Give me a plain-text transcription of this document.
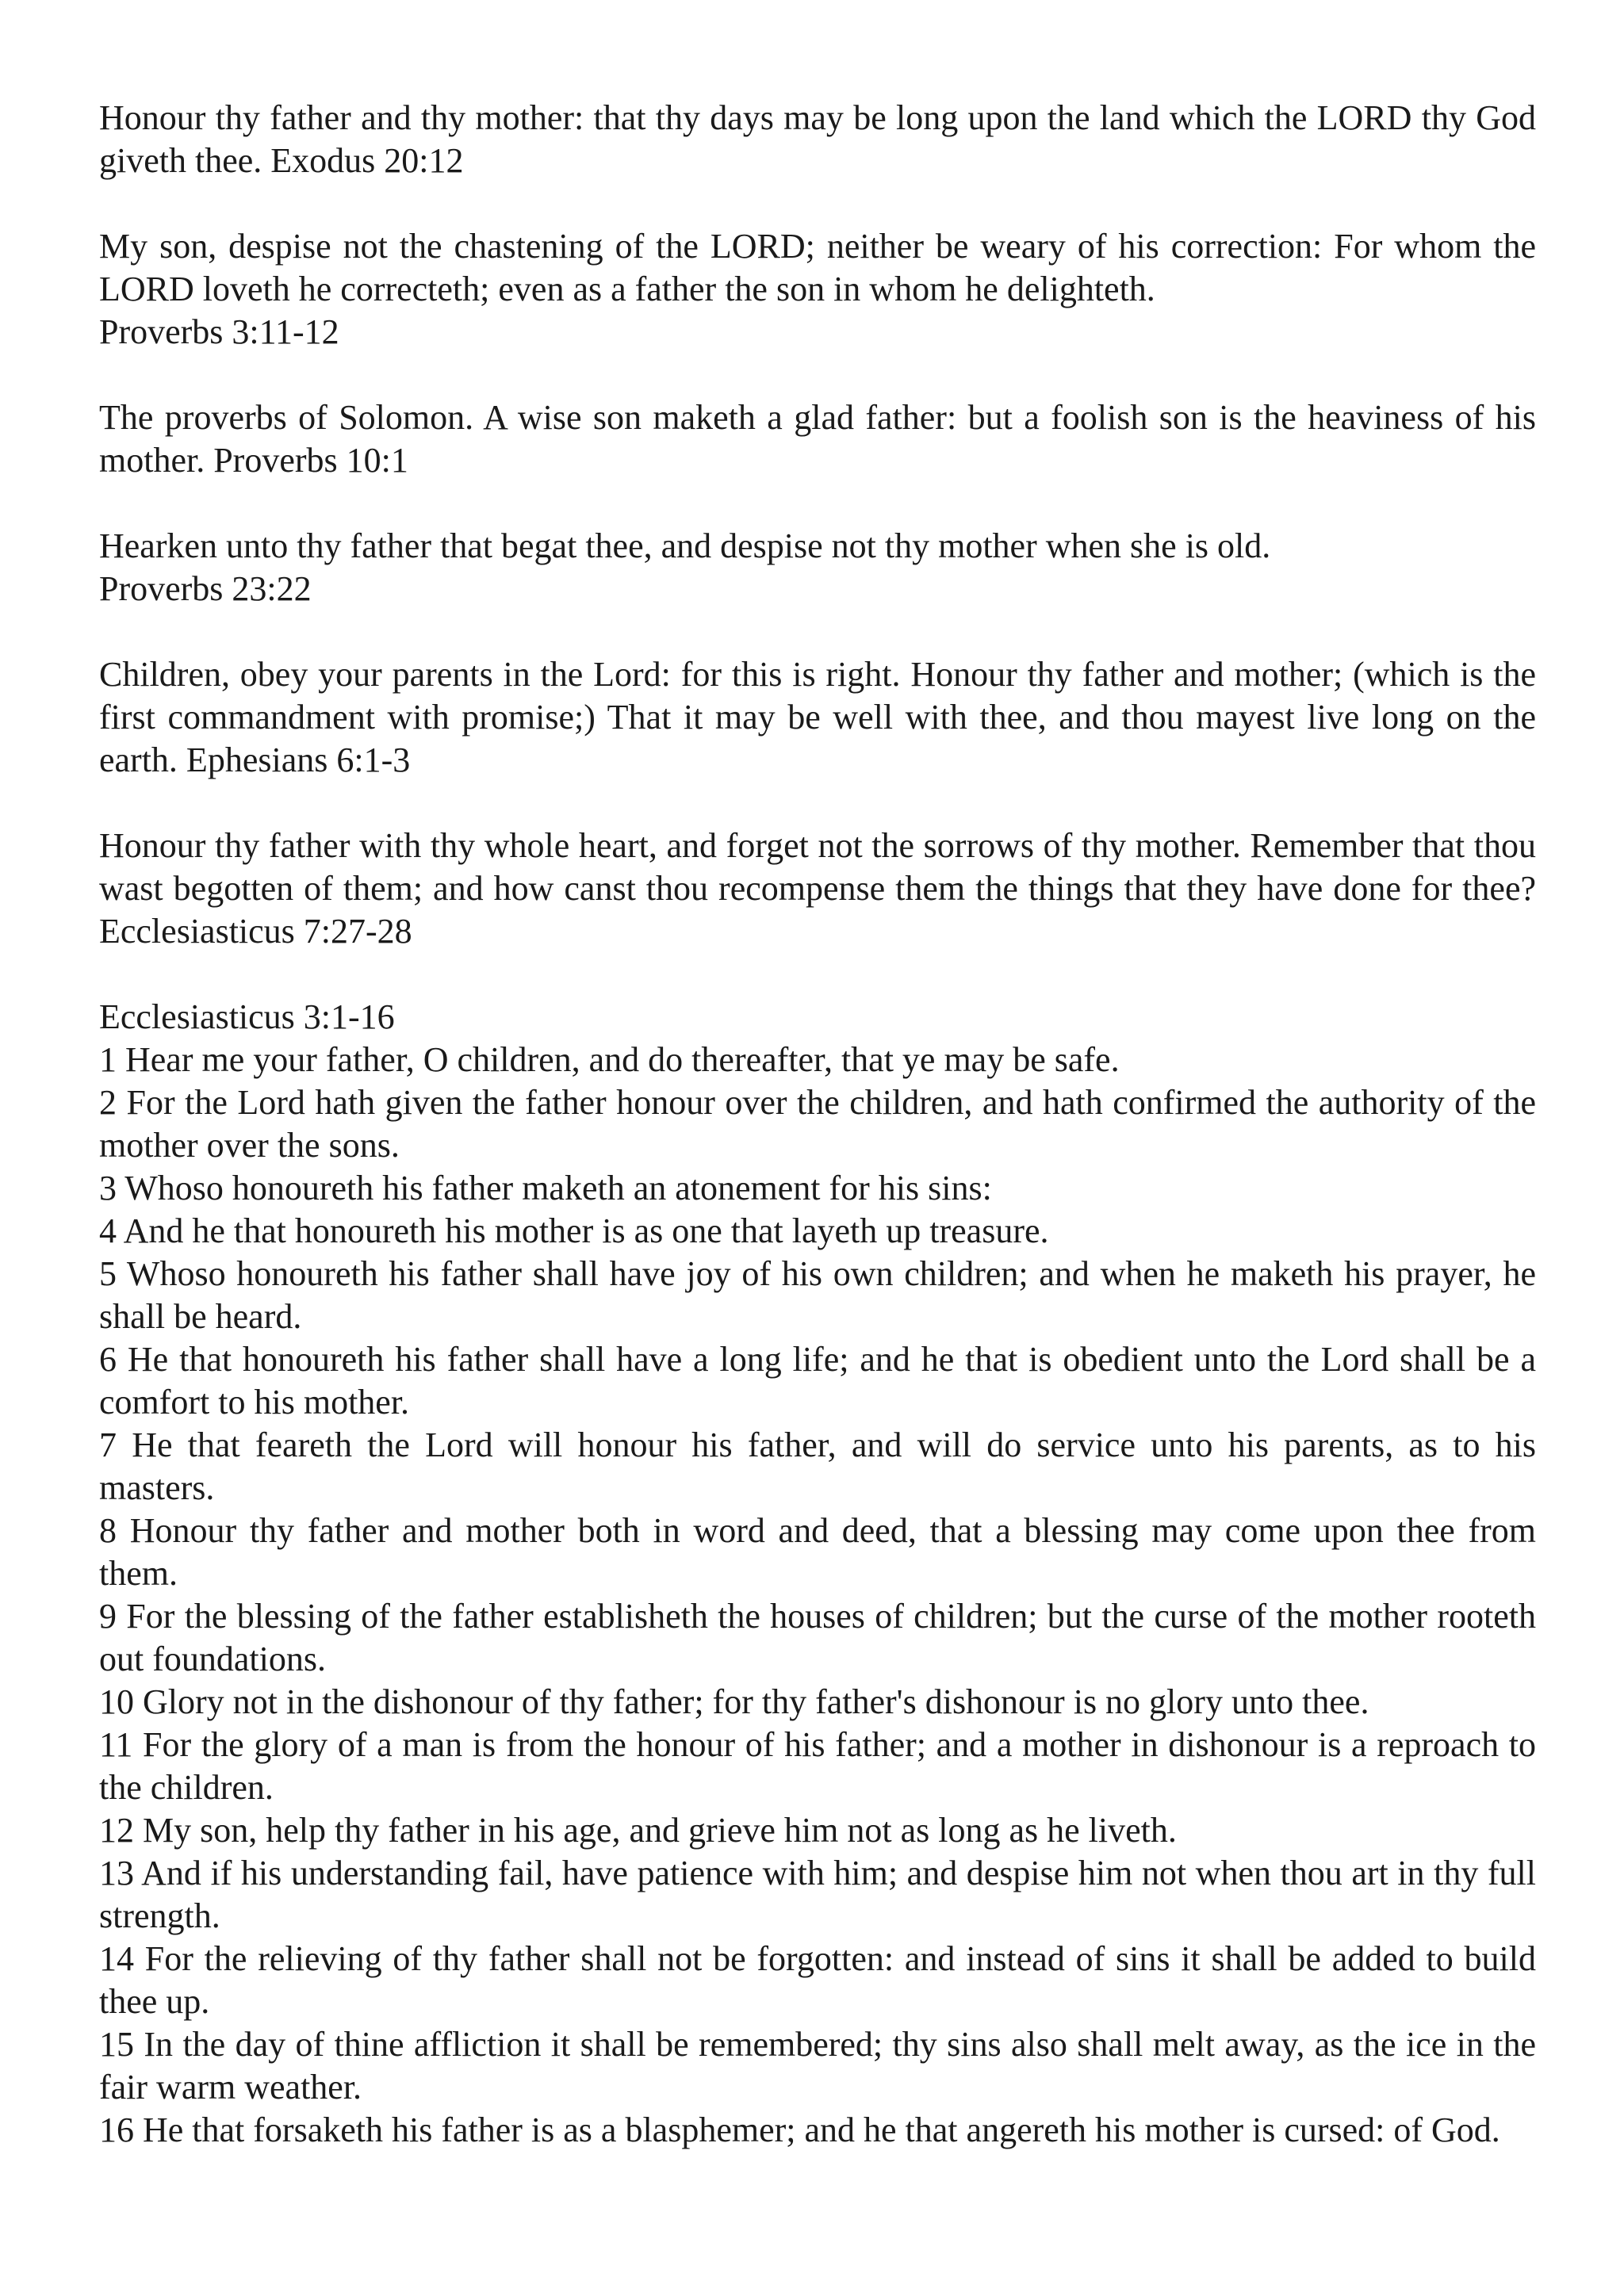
Honour thy father and thy mother: that thy days may be long upon the land which the LORD thy God giveth thee. Exodus 20:12
My son, despise not the chastening of the LORD; neither be weary of his correction: For whom the LORD loveth he correcteth; even as a father the son in whom he delighteth.
Proverbs 3:11-12
The proverbs of Solomon. A wise son maketh a glad father: but a foolish son is the heaviness of his mother. Proverbs 10:1
Hearken unto thy father that begat thee, and despise not thy mother when she is old.
Proverbs 23:22
Children, obey your parents in the Lord: for this is right. Honour thy father and mother; (which is the first commandment with promise;) That it may be well with thee, and thou mayest live long on the earth. Ephesians 6:1-3
Honour thy father with thy whole heart, and forget not the sorrows of thy mother. Remember that thou wast begotten of them; and how canst thou recompense them the things that they have done for thee? Ecclesiasticus 7:27-28
Ecclesiasticus 3:1-16
1 Hear me your father, O children, and do thereafter, that ye may be safe.
2 For the Lord hath given the father honour over the children, and hath confirmed the authority of the mother over the sons.
3 Whoso honoureth his father maketh an atonement for his sins:
4 And he that honoureth his mother is as one that layeth up treasure.
5 Whoso honoureth his father shall have joy of his own children; and when he maketh his prayer, he shall be heard.
6 He that honoureth his father shall have a long life; and he that is obedient unto the Lord shall be a comfort to his mother.
7 He that feareth the Lord will honour his father, and will do service unto his parents, as to his masters.
8 Honour thy father and mother both in word and deed, that a blessing may come upon thee from them.
9 For the blessing of the father establisheth the houses of children; but the curse of the mother rooteth out foundations.
10 Glory not in the dishonour of thy father; for thy father's dishonour is no glory unto thee.
11 For the glory of a man is from the honour of his father; and a mother in dishonour is a reproach to the children.
12 My son, help thy father in his age, and grieve him not as long as he liveth.
13 And if his understanding fail, have patience with him; and despise him not when thou art in thy full strength.
14 For the relieving of thy father shall not be forgotten: and instead of sins it shall be added to build thee up.
15 In the day of thine affliction it shall be remembered; thy sins also shall melt away, as the ice in the fair warm weather.
16 He that forsaketh his father is as a blasphemer; and he that angereth his mother is cursed: of God.
